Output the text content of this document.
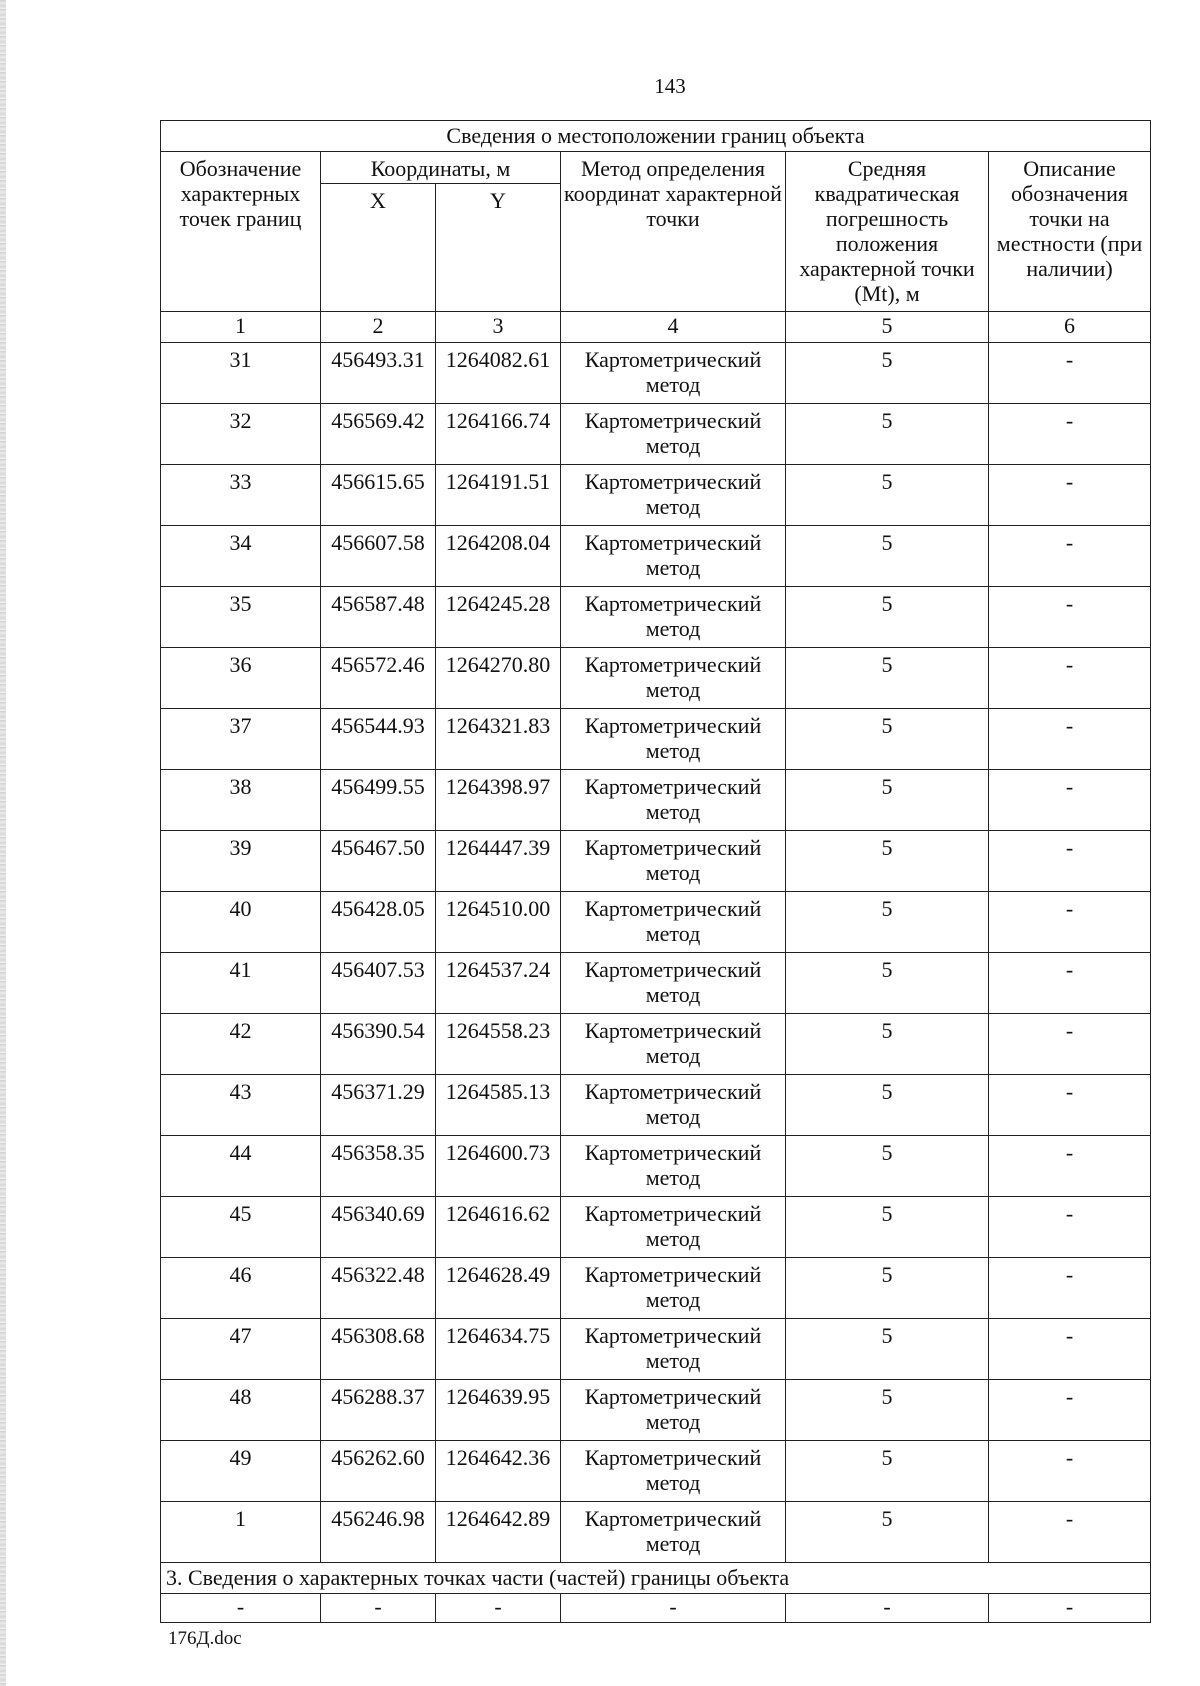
143
Сведения о местоположении границ объекта					
Обозначение характерных точек границ	Координаты, м		Метод определения координат характерной точки	Средняя квадратическая погрешность положения характерной точки (Mt), м	Описание обозначения точки на местности (при наличии)
	X	Y			
1	2	3	4	5	6
31	456493.31	1264082.61	Картометрический метод	5	-
32	456569.42	1264166.74	Картометрический метод	5	-
33	456615.65	1264191.51	Картометрический метод	5	-
34	456607.58	1264208.04	Картометрический метод	5	-
35	456587.48	1264245.28	Картометрический метод	5	-
36	456572.46	1264270.80	Картометрический метод	5	-
37	456544.93	1264321.83	Картометрический метод	5	-
38	456499.55	1264398.97	Картометрический метод	5	-
39	456467.50	1264447.39	Картометрический метод	5	-
40	456428.05	1264510.00	Картометрический метод	5	-
41	456407.53	1264537.24	Картометрический метод	5	-
42	456390.54	1264558.23	Картометрический метод	5	-
43	456371.29	1264585.13	Картометрический метод	5	-
44	456358.35	1264600.73	Картометрический метод	5	-
45	456340.69	1264616.62	Картометрический метод	5	-
46	456322.48	1264628.49	Картометрический метод	5	-
47	456308.68	1264634.75	Картометрический метод	5	-
48	456288.37	1264639.95	Картометрический метод	5	-
49	456262.60	1264642.36	Картометрический метод	5	-
1	456246.98	1264642.89	Картометрический метод	5	-
3. Сведения о характерных точках части (частей) границы объекта					
-	-	-	-	-	-
176Д.doc
